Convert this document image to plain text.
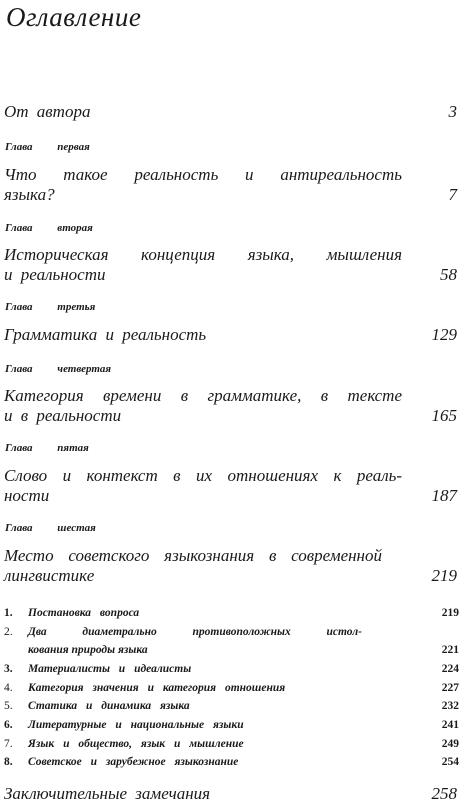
Оглавление
От автора	3
Глава первая
Что такое реальность и антиреальность
языка?	7
Глава вторая
Историческая концепция языка, мышления
и реальности	58
Глава третья
Грамматика и реальность	129
Глава четвертая
Категория времени в грамматике, в тексте
и в реальности	165
Глава пятая
Слово и контекст в их отношениях к реаль-
ности	187
Глава шестая
Место советского языкознания в современной
лингвистике	219
1. Постановка вопроса	219
2. Два диаметрально противоположных истол-
кования природы языка	221
3. Материалисты и идеалисты	224
4. Категория значения и категория отношения	227
5. Статика и динамика языка	232
6. Литературные и национальные языки	241
7. Язык и общество, язык и мышление	249
8. Советское и зарубежное языкознание	254
Заключительные замечания	258
